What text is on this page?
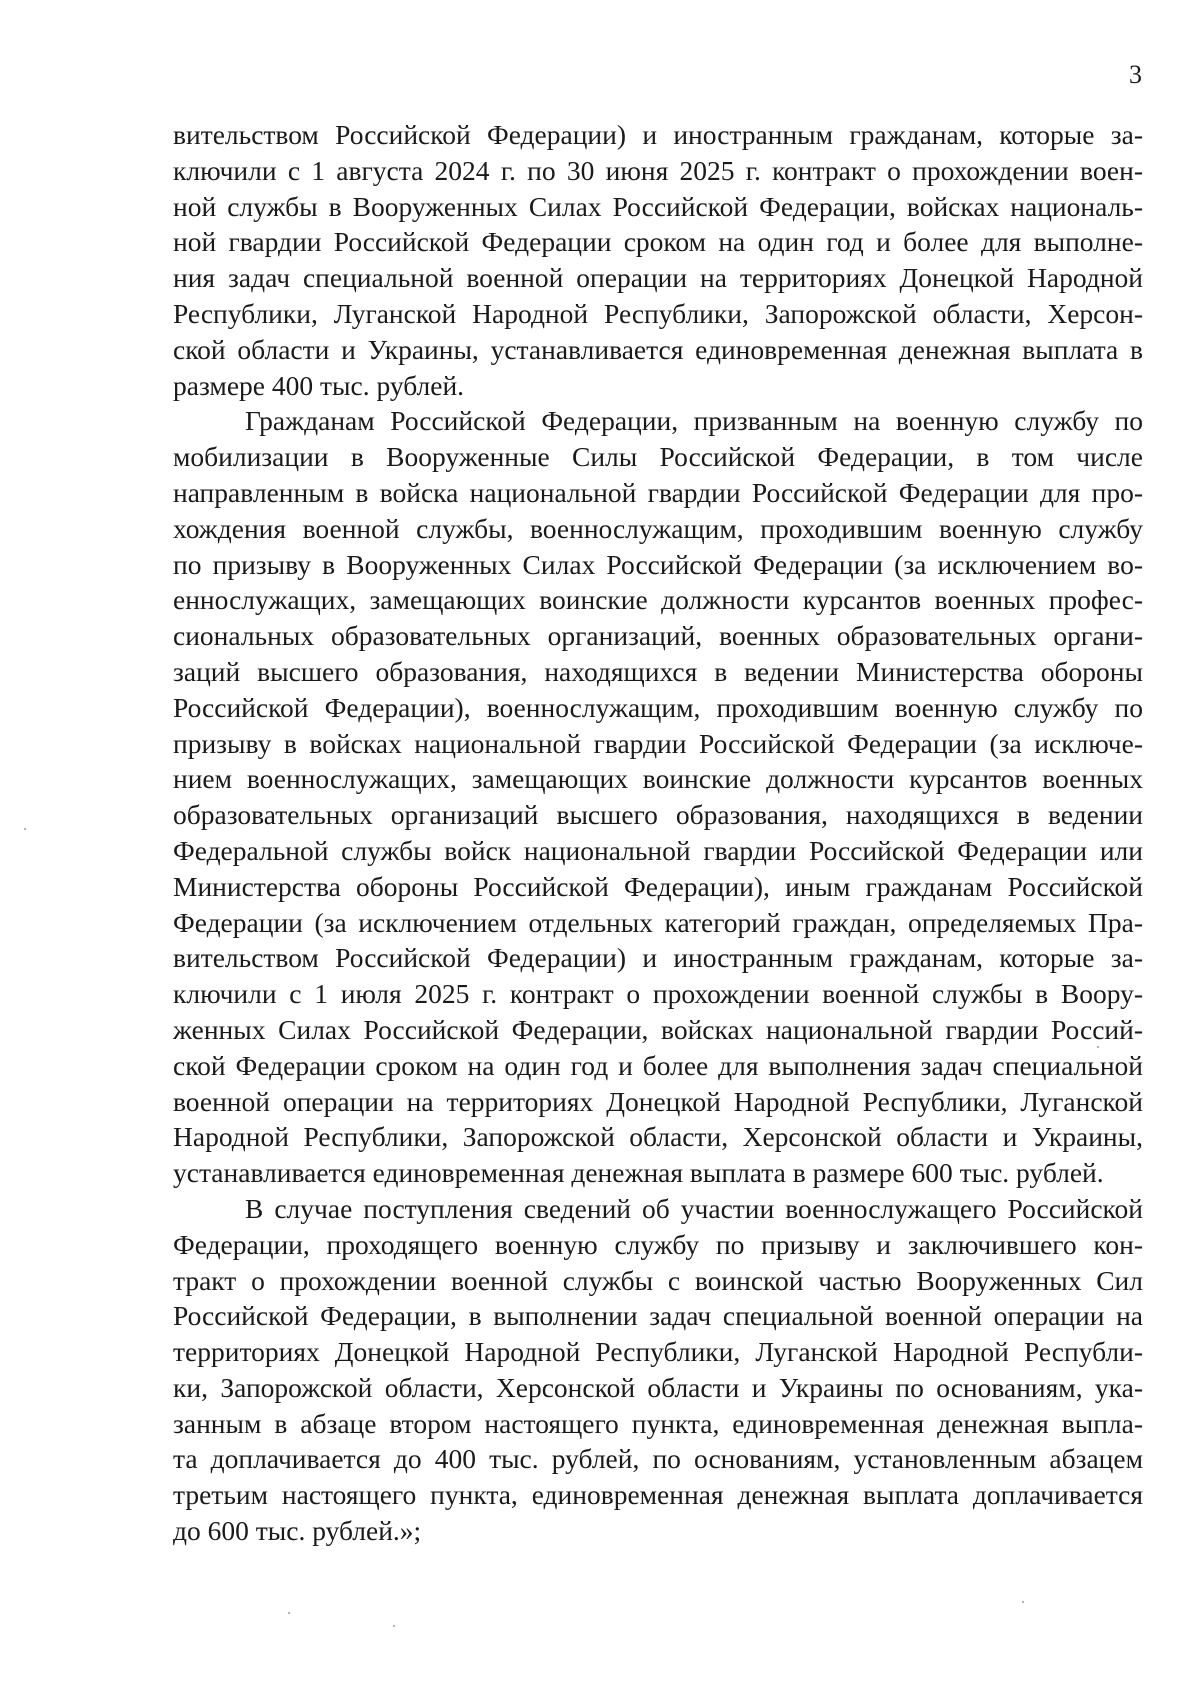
3
вительством Российской Федерации) и иностранным гражданам, которые за-
ключили с 1 августа 2024 г. по 30 июня 2025 г. контракт о прохождении воен-
ной службы в Вооруженных Силах Российской Федерации, войсках националь-
ной гвардии Российской Федерации сроком на один год и более для выполне-
ния задач специальной военной операции на территориях Донецкой Народной
Республики, Луганской Народной Республики, Запорожской области, Херсон-
ской области и Украины, устанавливается единовременная денежная выплата в
размере 400 тыс. рублей.
Гражданам Российской Федерации, призванным на военную службу по
мобилизации в Вооруженные Силы Российской Федерации, в том числе
направленным в войска национальной гвардии Российской Федерации для про-
хождения военной службы, военнослужащим, проходившим военную службу
по призыву в Вооруженных Силах Российской Федерации (за исключением во-
еннослужащих, замещающих воинские должности курсантов военных профес-
сиональных образовательных организаций, военных образовательных органи-
заций высшего образования, находящихся в ведении Министерства обороны
Российской Федерации), военнослужащим, проходившим военную службу по
призыву в войсках национальной гвардии Российской Федерации (за исключе-
нием военнослужащих, замещающих воинские должности курсантов военных
образовательных организаций высшего образования, находящихся в ведении
Федеральной службы войск национальной гвардии Российской Федерации или
Министерства обороны Российской Федерации), иным гражданам Российской
Федерации (за исключением отдельных категорий граждан, определяемых Пра-
вительством Российской Федерации) и иностранным гражданам, которые за-
ключили с 1 июля 2025 г. контракт о прохождении военной службы в Воору-
женных Силах Российской Федерации, войсках национальной гвардии Россий-
ской Федерации сроком на один год и более для выполнения задач специальной
военной операции на территориях Донецкой Народной Республики, Луганской
Народной Республики, Запорожской области, Херсонской области и Украины,
устанавливается единовременная денежная выплата в размере 600 тыс. рублей.
В случае поступления сведений об участии военнослужащего Российской
Федерации, проходящего военную службу по призыву и заключившего кон-
тракт о прохождении военной службы с воинской частью Вооруженных Сил
Российской Федерации, в выполнении задач специальной военной операции на
территориях Донецкой Народной Республики, Луганской Народной Республи-
ки, Запорожской области, Херсонской области и Украины по основаниям, ука-
занным в абзаце втором настоящего пункта, единовременная денежная выпла-
та доплачивается до 400 тыс. рублей, по основаниям, установленным абзацем
третьим настоящего пункта, единовременная денежная выплата доплачивается
до 600 тыс. рублей.»;
